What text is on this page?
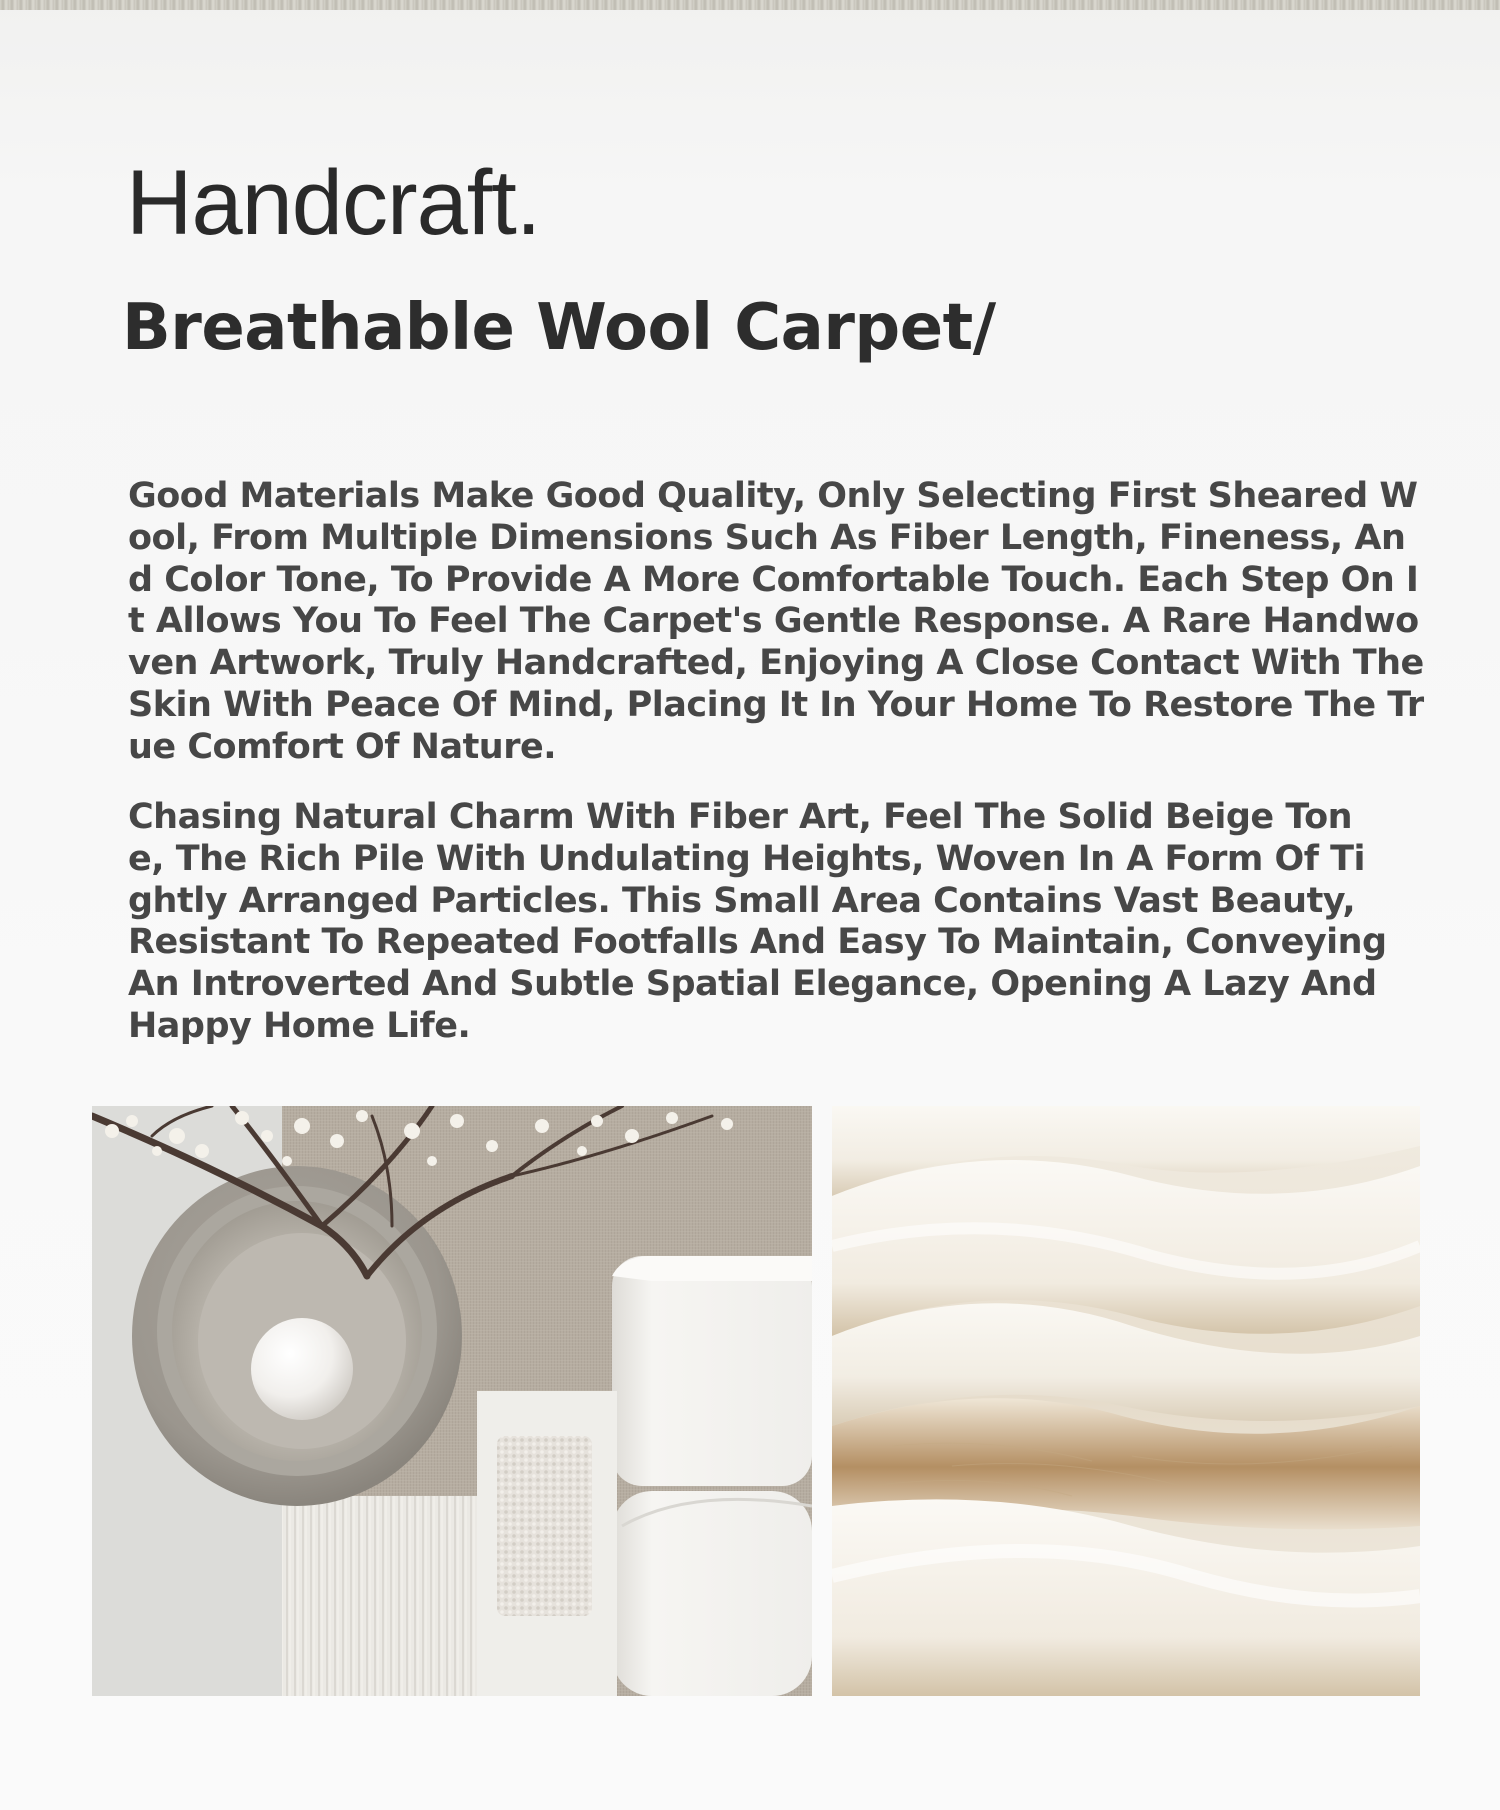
Handcraft.
Breathable Wool Carpet/

Good Materials Make Good Quality, Only Selecting First Sheared Wool, From Multiple Dimensions Such As Fiber Length, Fineness, And Color Tone, To Provide A More Comfortable Touch. Each Step On It Allows You To Feel The Carpet's Gentle Response. A Rare Handwoven Artwork, Truly Handcrafted, Enjoying A Close Contact With The Skin With Peace Of Mind, Placing It In Your Home To Restore The True Comfort Of Nature.

Chasing Natural Charm With Fiber Art, Feel The Solid Beige Tone, The Rich Pile With Undulating Heights, Woven In A Form Of Tightly Arranged Particles. This Small Area Contains Vast Beauty, Resistant To Repeated Footfalls And Easy To Maintain, Conveying An Introverted And Subtle Spatial Elegance, Opening A Lazy And Happy Home Life.
